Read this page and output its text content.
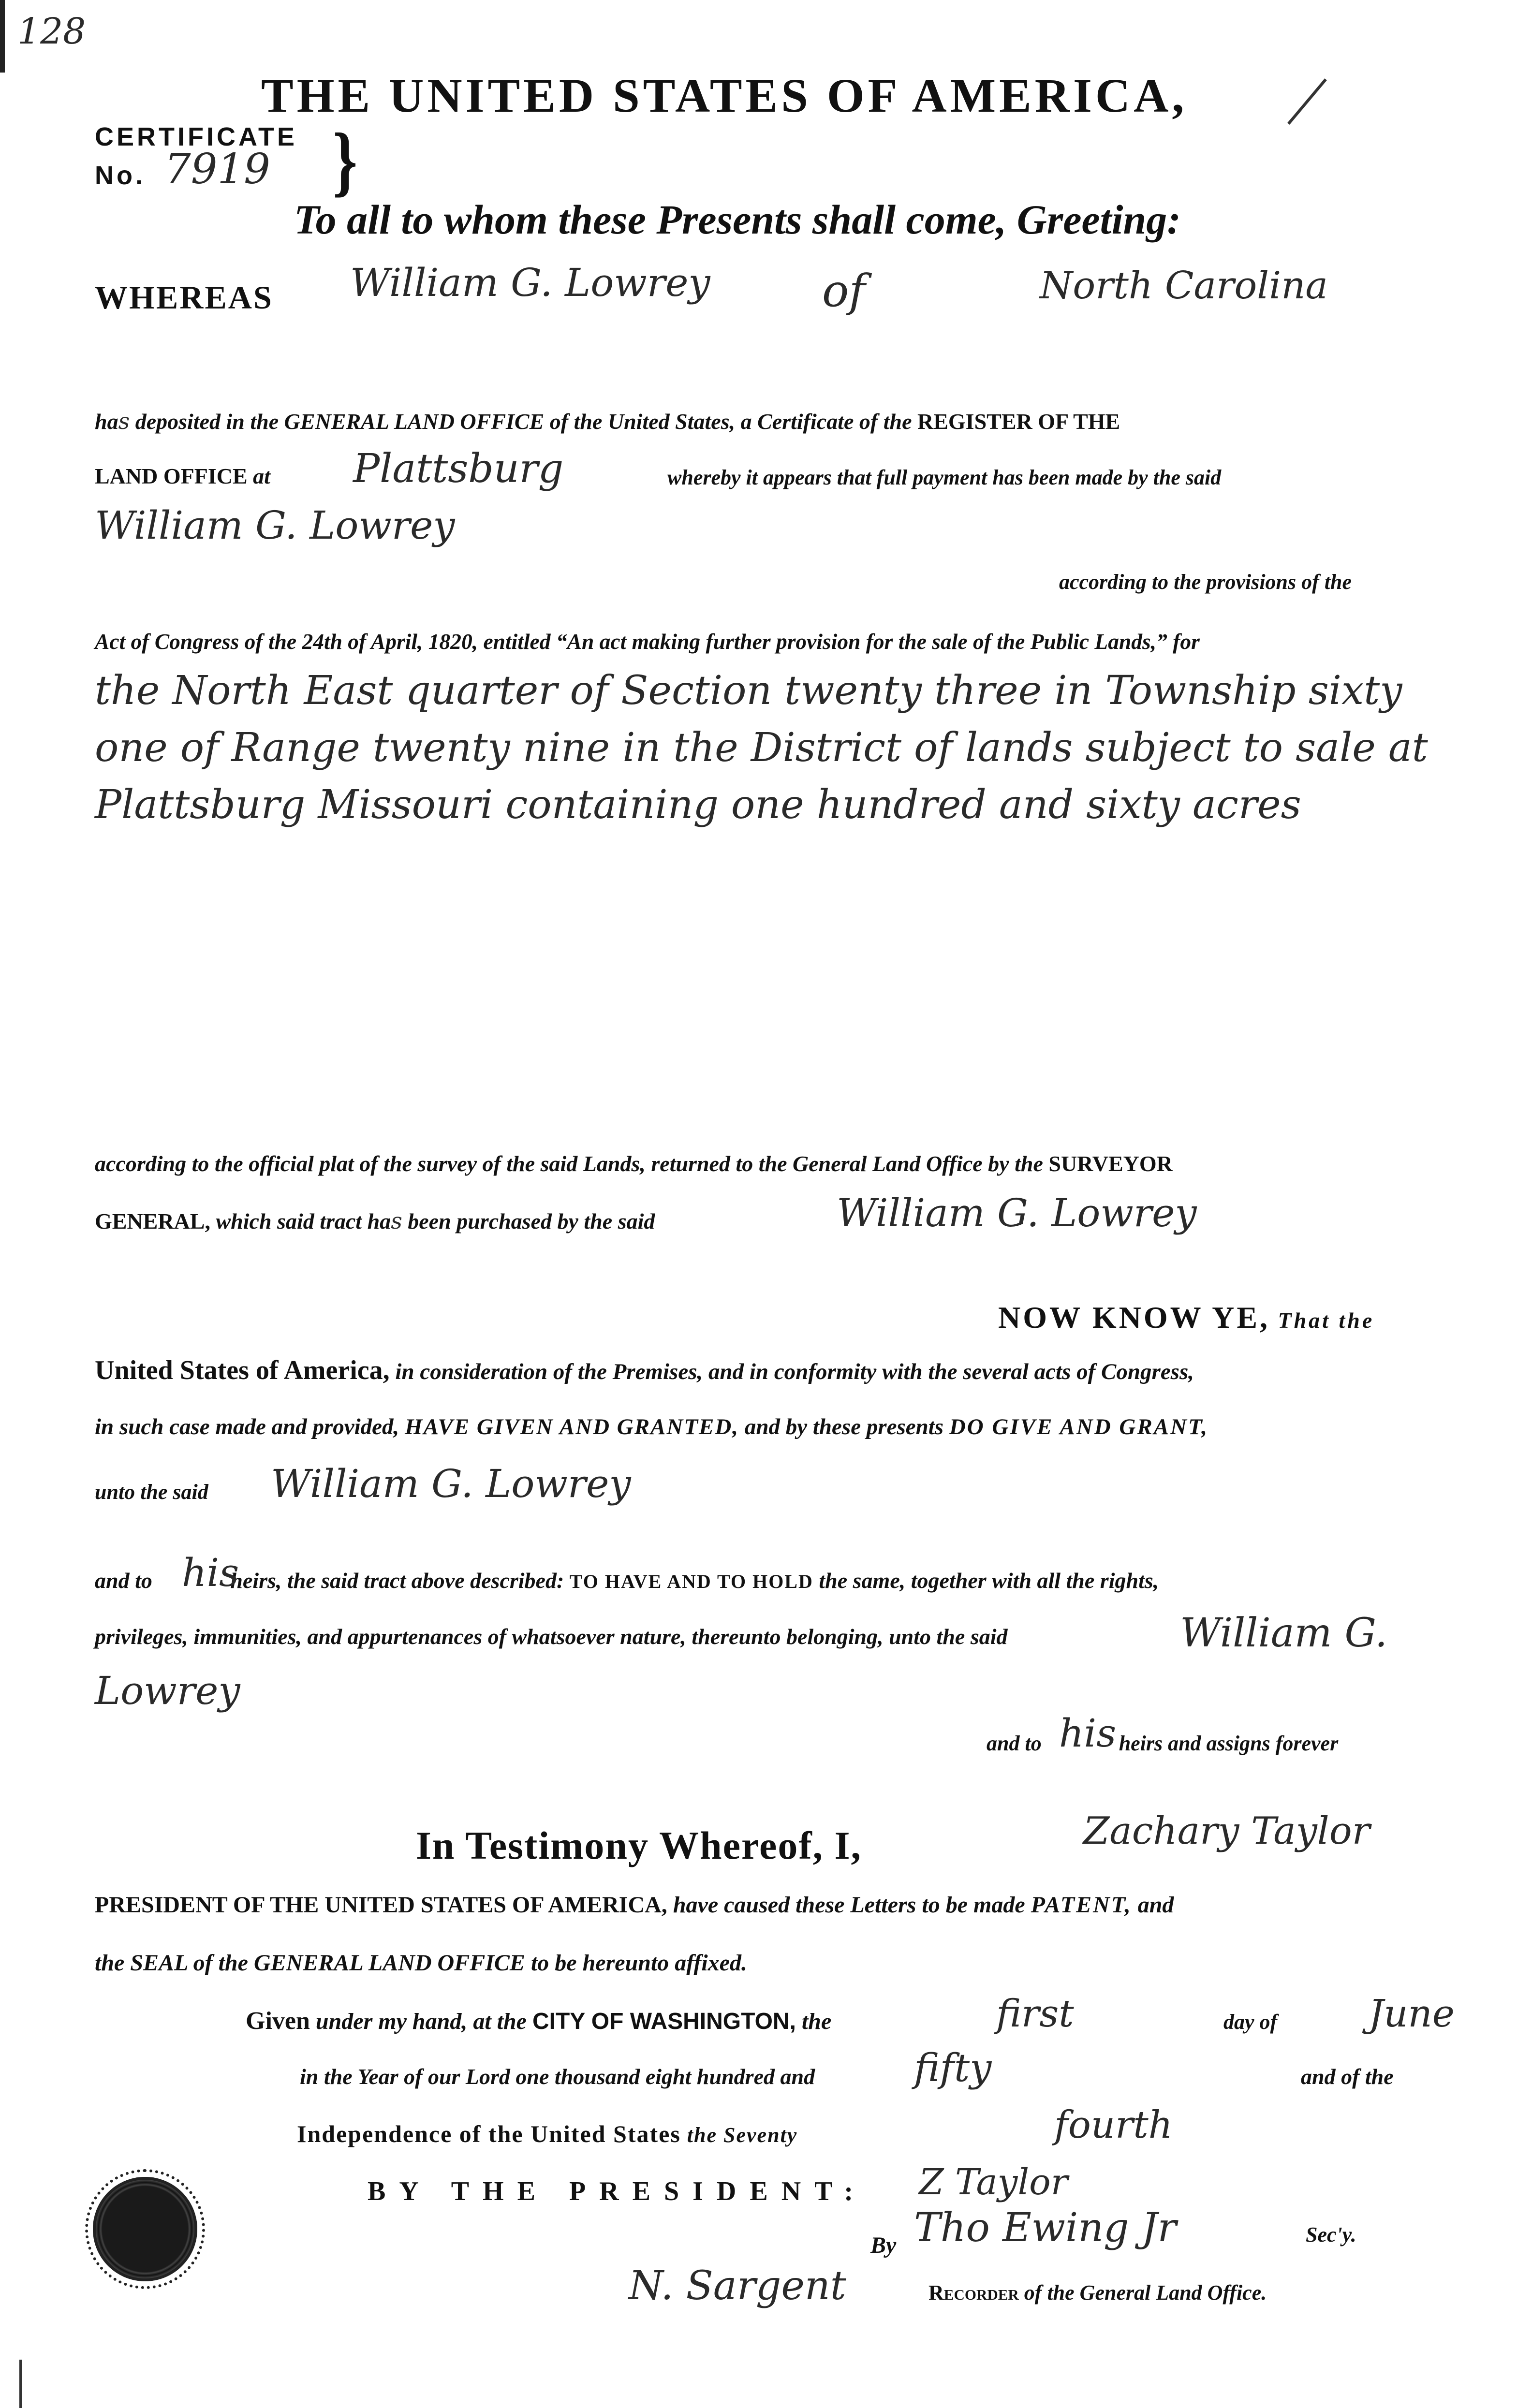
128
THE UNITED STATES OF AMERICA,
CERTIFICATE
No. 7919 }
To all to whom these Presents shall come, Greeting:
WHEREAS William G. Lowrey	of	North Carolina
has deposited in the GENERAL LAND OFFICE of the United States, a Certificate of the REGISTER OF THE
LAND OFFICE at Plattsburg	whereby it appears that full payment has been made by the said
William G. Lowrey
according to the provisions of the
Act of Congress of the 24th of April, 1820, entitled “An act making further provision for the sale of the Public Lands,” for
the North East quarter of Section twenty three in Township sixty one of Range twenty nine in the District of lands subject to sale at Plattsburg Missouri containing one hundred and sixty acres
according to the official plat of the survey of the said Lands, returned to the General Land Office by the SURVEYOR
GENERAL, which said tract has been purchased by the said	William G. Lowrey
NOW KNOW YE, That the
United States of America, in consideration of the Premises, and in conformity with the several acts of Congress,
in such case made and provided, HAVE GIVEN AND GRANTED, and by these presents DO GIVE AND GRANT,
unto the said William G. Lowrey
and to	heirs, the said tract above described: TO HAVE AND TO HOLD the same, together with all the rights,
his
privileges, immunities, and appurtenances of whatsoever nature, thereunto belonging, unto the said	William G.
Lowrey
and to	heirs and assigns forever
his
In Testimony Whereof, I,	Zachary Taylor
PRESIDENT OF THE UNITED STATES OF AMERICA, have caused these Letters to be made PATENT, and
the SEAL of the GENERAL LAND OFFICE to be hereunto affixed.
Given under my hand, at the CITY OF WASHINGTON, the	first	day of June
in the Year of our Lord one thousand eight hundred and	fifty	and of the
Independence of the United States the Seventy	fourth
BY THE PRESIDENT: Z Taylor
By Tho Ewing Jr	Sec'y.
N. Sargent	Recorder of the General Land Office.
